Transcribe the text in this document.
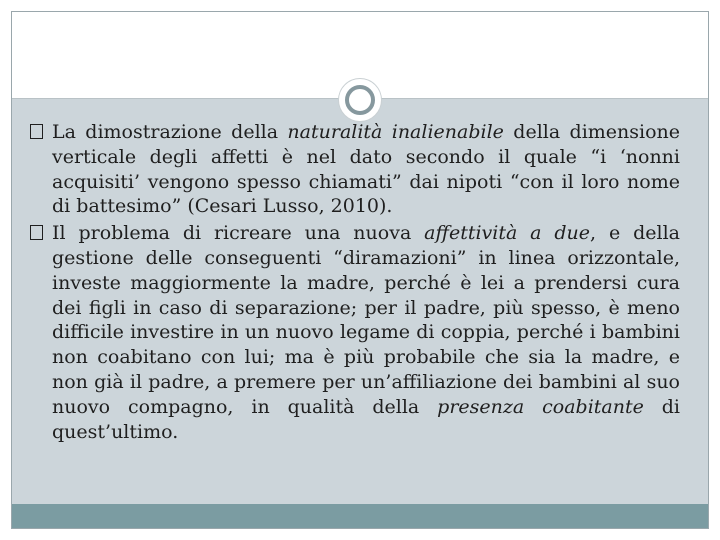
La dimostrazione della naturalità inalienabile della dimensione verticale degli affetti è nel dato secondo il quale “i ‘nonni acquisiti’ vengono spesso chiamati” dai nipoti “con il loro nome di battesimo” (Cesari Lusso, 2010).

Il problema di ricreare una nuova affettività a due, e della gestione delle conseguenti “diramazioni” in linea orizzontale, investe maggiormente la madre, perché è lei a prendersi cura dei figli in caso di separazione; per il padre, più spesso, è meno difficile investire in un nuovo legame di coppia, perché i bambini non coabitano con lui; ma è più probabile che sia la madre, e non già il padre, a premere per un’affiliazione dei bambini al suo nuovo compagno, in qualità della presenza coabitante di quest’ultimo.
